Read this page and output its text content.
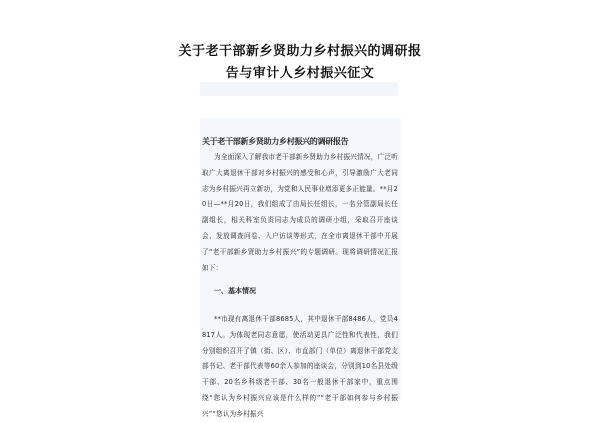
关于老干部新乡贤助力乡村振兴的调研报
告与审计人乡村振兴征文
关于老干部新乡贤助力乡村振兴的调研报告
为全面深入了解我市老干部新乡贤助力乡村振兴情况，广泛听取广大离退休干部对乡村振兴的感受和心声，引导激励广大老同志为乡村振兴再立新功，为党和人民事业增添更多正能量。**月20日—**月20日，我们组成了由局长任组长，一名分管副局长任副组长，相关科室负责同志为成员的调研小组，采取召开座谈会、发放调查问卷、入户访谈等形式，在全市离退休干部中开展了“老干部新乡贤助力乡村振兴”的专题调研。现将调研情况汇报如下：
一、基本情况
**市现有离退休干部8685人，其中退休干部8486人，党员4817人。为体现老同志意愿，使活动更具广泛性和代表性，我们分别组织召开了镇（街、区）、市直部门（单位）离退休干部党支部书记、老干部代表等60余人参加的座谈会，分别到10名县处级干部、20名乡科级老干部、30名一般退休干部家中，重点围绕“您认为乡村振兴应该是什么样的”“老干部如何参与乡村振兴”“您认为乡村振兴
